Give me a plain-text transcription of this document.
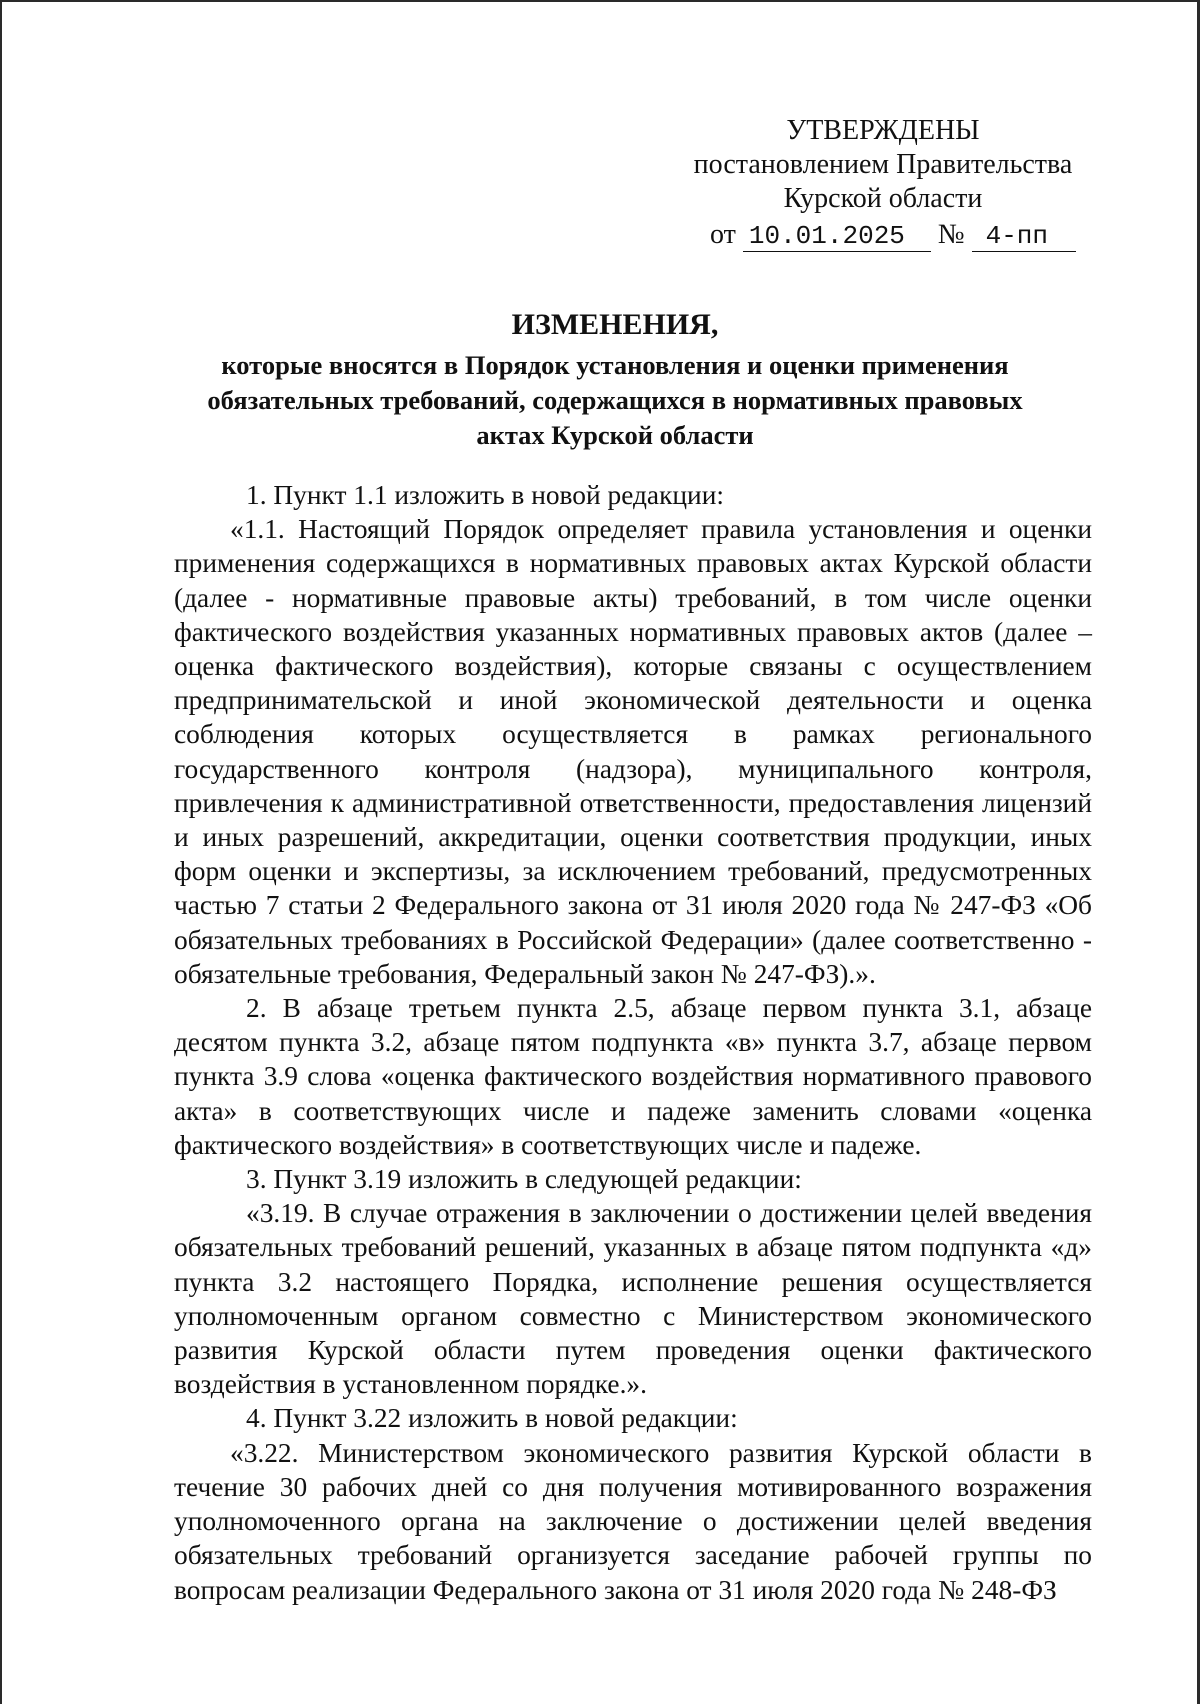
УТВЕРЖДЕНЫ
постановлением Правительства
Курской области
от 10.01.2025 № 4-пп
ИЗМЕНЕНИЯ,
которые вносятся в Порядок установления и оценки применения
обязательных требований, содержащихся в нормативных правовых
актах Курской области

1. Пункт 1.1 изложить в новой редакции:

«1.1. Настоящий Порядок определяет правила установления и оценки применения содержащихся в нормативных правовых актах Курской области (далее - нормативные правовые акты) требований, в том числе оценки фактического воздействия указанных нормативных правовых актов (далее – оценка фактического воздействия), которые связаны с осуществлением предпринимательской и иной экономической деятельности и оценка соблюдения которых осуществляется в рамках регионального государственного контроля (надзора), муниципального контроля, привлечения к административной ответственности, предоставления лицензий и иных разрешений, аккредитации, оценки соответствия продукции, иных форм оценки и экспертизы, за исключением требований, предусмотренных частью 7 статьи 2 Федерального закона от 31 июля 2020 года № 247-ФЗ «Об обязательных требованиях в Российской Федерации» (далее соответственно - обязательные требования, Федеральный закон № 247-ФЗ).».

2. В абзаце третьем пункта 2.5, абзаце первом пункта 3.1, абзаце десятом пункта 3.2, абзаце пятом подпункта «в» пункта 3.7, абзаце первом пункта 3.9 слова «оценка фактического воздействия нормативного правового акта» в соответствующих числе и падеже заменить словами «оценка фактического воздействия» в соответствующих числе и падеже.

3. Пункт 3.19 изложить в следующей редакции:

«3.19. В случае отражения в заключении о достижении целей введения обязательных требований решений, указанных в абзаце пятом подпункта «д» пункта 3.2 настоящего Порядка, исполнение решения осуществляется уполномоченным органом совместно с Министерством экономического развития Курской области путем проведения оценки фактического воздействия в установленном порядке.».

4. Пункт 3.22 изложить в новой редакции:

«3.22. Министерством экономического развития Курской области в течение 30 рабочих дней со дня получения мотивированного возражения уполномоченного органа на заключение о достижении целей введения обязательных требований организуется заседание рабочей группы по вопросам реализации Федерального закона от 31 июля 2020 года № 248-ФЗ
